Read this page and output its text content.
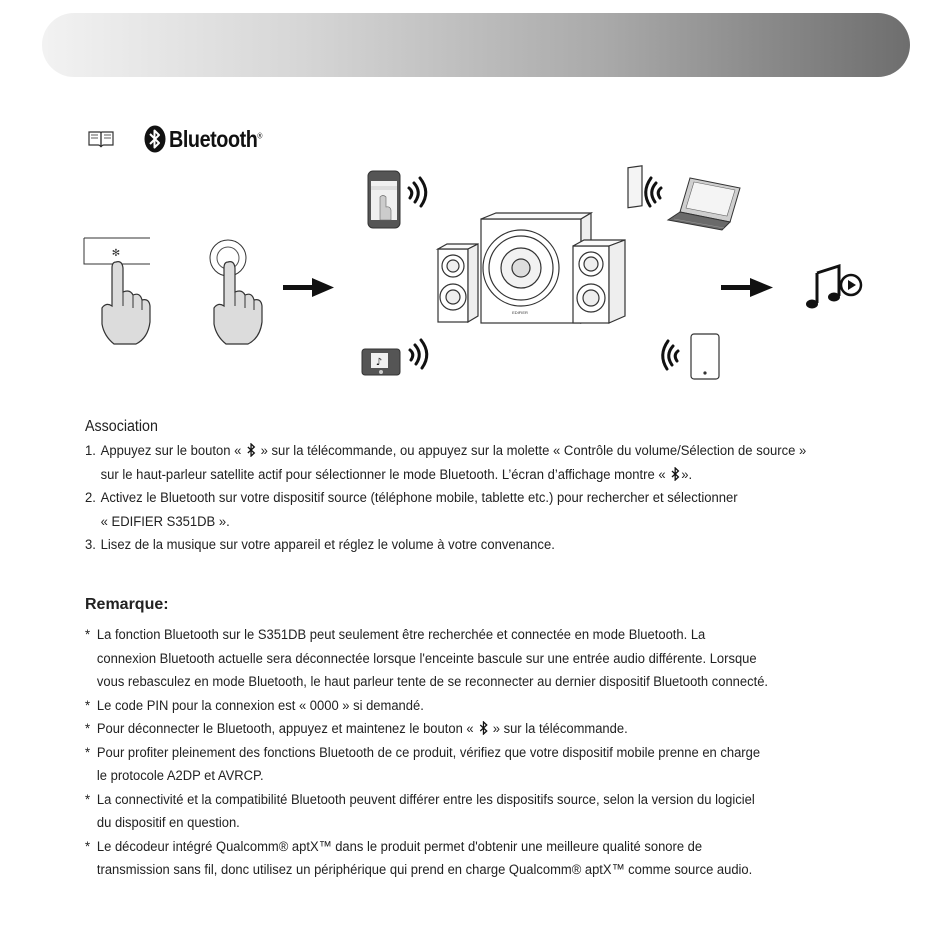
Bluetooth®
✻
EDIFIER
♪
Association
1. Appuyez sur le bouton « » sur la télécommande, ou appuyez sur la molette « Contrôle du volume/Sélection de source »
sur le haut-parleur satellite actif pour sélectionner le mode Bluetooth. L’écran d’affichage montre « ».
2. Activez le Bluetooth sur votre dispositif source (téléphone mobile, tablette etc.) pour rechercher et sélectionner
« EDIFIER S351DB ».
3. Lisez de la musique sur votre appareil et réglez le volume à votre convenance.
Remarque:
* La fonction Bluetooth sur le S351DB peut seulement être recherchée et connectée en mode Bluetooth. La
connexion Bluetooth actuelle sera déconnectée lorsque l'enceinte bascule sur une entrée audio différente. Lorsque
vous rebasculez en mode Bluetooth, le haut parleur tente de se reconnecter au dernier dispositif Bluetooth connecté.
* Le code PIN pour la connexion est « 0000 » si demandé.
* Pour déconnecter le Bluetooth, appuyez et maintenez le bouton « » sur la télécommande.
* Pour profiter pleinement des fonctions Bluetooth de ce produit, vérifiez que votre dispositif mobile prenne en charge
le protocole A2DP et AVRCP.
* La connectivité et la compatibilité Bluetooth peuvent différer entre les dispositifs source, selon la version du logiciel
du dispositif en question.
* Le décodeur intégré Qualcomm® aptX™ dans le produit permet d'obtenir une meilleure qualité sonore de
transmission sans fil, donc utilisez un périphérique qui prend en charge Qualcomm® aptX™ comme source audio.
